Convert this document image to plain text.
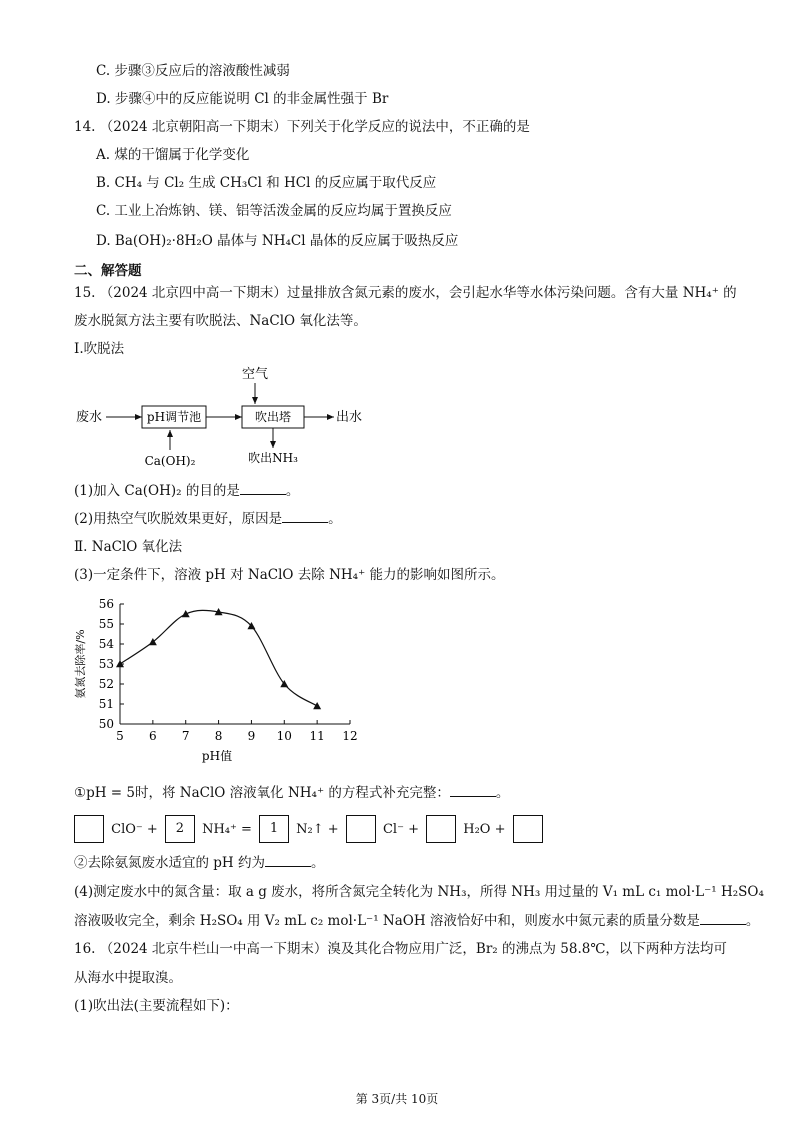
C. 步骤③反应后的溶液酸性减弱
D. 步骤④中的反应能说明 Cl 的非金属性强于 Br
14. （2024 北京朝阳高一下期末）下列关于化学反应的说法中，不正确的是
A. 煤的干馏属于化学变化
B. CH₄ 与 Cl₂ 生成 CH₃Cl 和 HCl 的反应属于取代反应
C. 工业上冶炼钠、镁、铝等活泼金属的反应均属于置换反应
D. Ba(OH)₂·8H₂O 晶体与 NH₄Cl 晶体的反应属于吸热反应
二、解答题
15. （2024 北京四中高一下期末）过量排放含氮元素的废水，会引起水华等水体污染问题。含有大量 NH₄⁺ 的
废水脱氮方法主要有吹脱法、NaClO 氧化法等。
Ⅰ.吹脱法
空气
废水	pH调节池	吹出塔	出水
Ca(OH)₂	吹出NH₃
(1)加入 Ca(OH)₂ 的目的是	。
(2)用热空气吹脱效果更好，原因是	。
Ⅱ. NaClO 氧化法
(3)一定条件下，溶液 pH 对 NaClO 去除 NH₄⁺ 能力的影响如图所示。
5 6 7 8 9 10 11 12
50
51
52
53
54
55
56
pH值
氨氮去除率/%
①pH = 5时，将 NaClO 溶液氧化 NH₄⁺ 的方程式补充完整：	。
ClO⁻ + 2 NH₄⁺ = 1 N₂↑ +	Cl⁻ +	H₂O +
②去除氨氮废水适宜的 pH 约为	。
(4)测定废水中的氮含量：取 a g 废水，将所含氮完全转化为 NH₃，所得 NH₃ 用过量的 V₁ mL c₁ mol·L⁻¹ H₂SO₄
溶液吸收完全，剩余 H₂SO₄ 用 V₂ mL c₂ mol·L⁻¹ NaOH 溶液恰好中和，则废水中氮元素的质量分数是	。
16. （2024 北京牛栏山一中高一下期末）溴及其化合物应用广泛，Br₂ 的沸点为 58.8℃，以下两种方法均可
从海水中提取溴。
(1)吹出法(主要流程如下)：
第 3页/共 10页
